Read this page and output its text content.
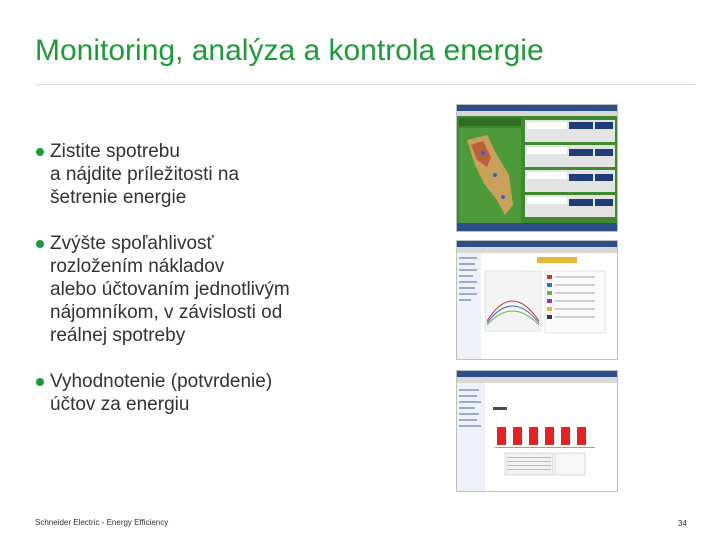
Monitoring, analýza a kontrola energie
Zistite spotrebu
a nájdite príležitosti na
šetrenie energie
Zvýšte spoľahlivosť
rozložením nákladov
alebo účtovaním jednotlivým
nájomníkom, v závislosti od
reálnej spotreby
Vyhodnotenie (potvrdenie)
účtov za energiu
Schneider Electric - Energy Efficiency	34
